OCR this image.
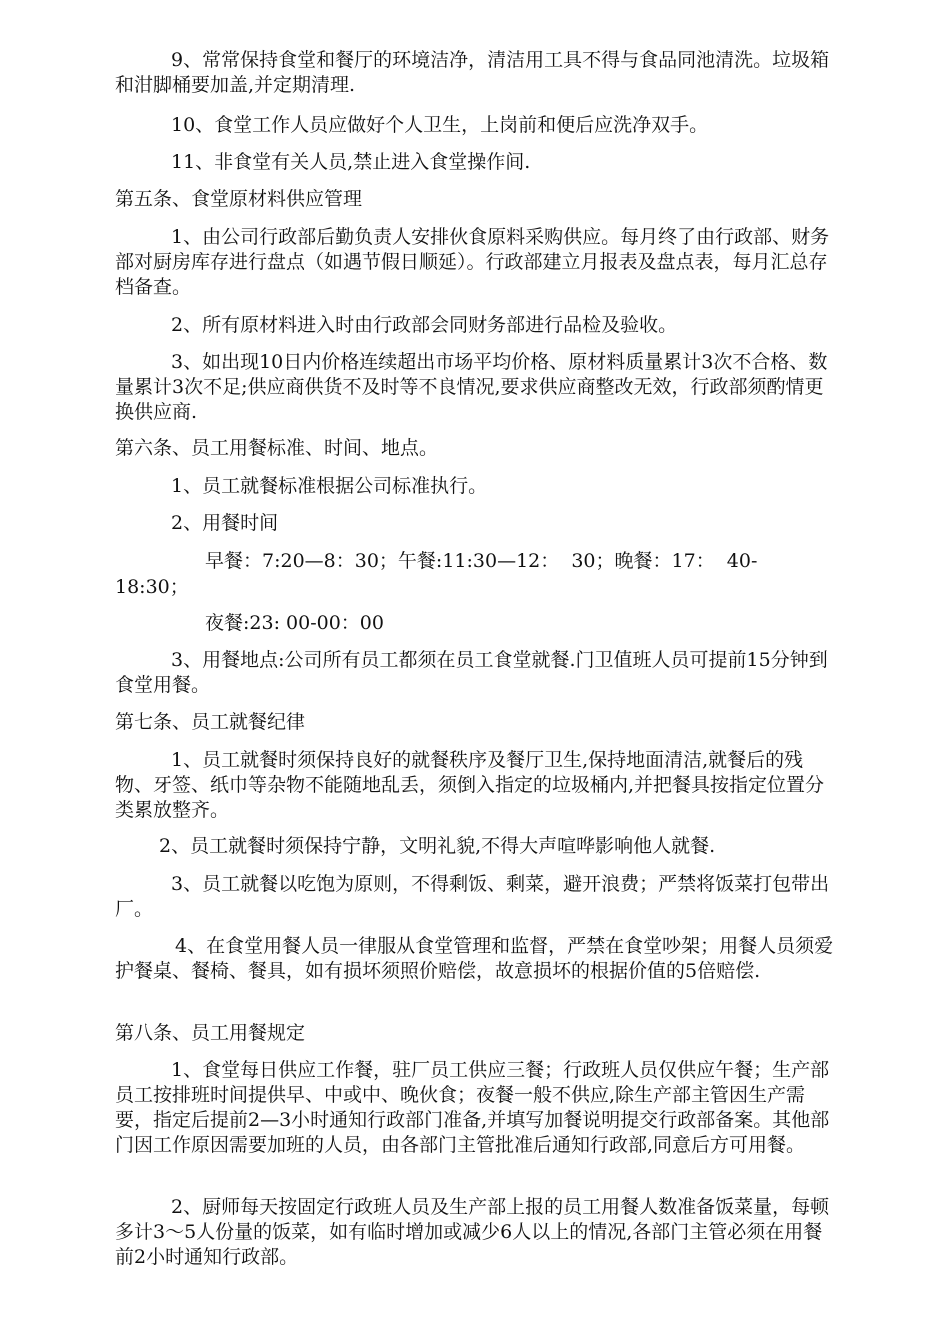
9、常常保持食堂和餐厅的环境洁净，清洁用工具不得与食品同池清洗。垃圾箱和泔脚桶要加盖,并定期清理.

10、食堂工作人员应做好个人卫生，上岗前和便后应洗净双手。

11、非食堂有关人员,禁止进入食堂操作间.

第五条、食堂原材料供应管理

1、由公司行政部后勤负责人安排伙食原料采购供应。每月终了由行政部、财务部对厨房库存进行盘点（如遇节假日顺延）。行政部建立月报表及盘点表，每月汇总存档备查。

2、所有原材料进入时由行政部会同财务部进行品检及验收。

3、如出现10日内价格连续超出市场平均价格、原材料质量累计3次不合格、数量累计3次不足;供应商供货不及时等不良情况,要求供应商整改无效，行政部须酌情更换供应商.

第六条、员工用餐标准、时间、地点。

1、员工就餐标准根据公司标准执行。

2、用餐时间

早餐：7:20—8：30；午餐:11:30—12：  30；晚餐：17：  40-

18:30；

夜餐:23: 00-00：00

3、用餐地点:公司所有员工都须在员工食堂就餐.门卫值班人员可提前15分钟到食堂用餐。

第七条、员工就餐纪律

1、员工就餐时须保持良好的就餐秩序及餐厅卫生,保持地面清洁,就餐后的残物、牙签、纸巾等杂物不能随地乱丢，须倒入指定的垃圾桶内,并把餐具按指定位置分类累放整齐。

2、员工就餐时须保持宁静，文明礼貌,不得大声喧哗影响他人就餐.

3、员工就餐以吃饱为原则，不得剩饭、剩菜，避开浪费；严禁将饭菜打包带出厂。

4、在食堂用餐人员一律服从食堂管理和监督，严禁在食堂吵架；用餐人员须爱护餐桌、餐椅、餐具，如有损坏须照价赔偿，故意损坏的根据价值的5倍赔偿.

第八条、员工用餐规定

1、食堂每日供应工作餐，驻厂员工供应三餐；行政班人员仅供应午餐；生产部员工按排班时间提供早、中或中、晚伙食；夜餐一般不供应,除生产部主管因生产需要，指定后提前2—3小时通知行政部门准备,并填写加餐说明提交行政部备案。其他部门因工作原因需要加班的人员，由各部门主管批准后通知行政部,同意后方可用餐。

2、厨师每天按固定行政班人员及生产部上报的员工用餐人数准备饭菜量，每顿多计3～5人份量的饭菜，如有临时增加或减少6人以上的情况,各部门主管必须在用餐前2小时通知行政部。
